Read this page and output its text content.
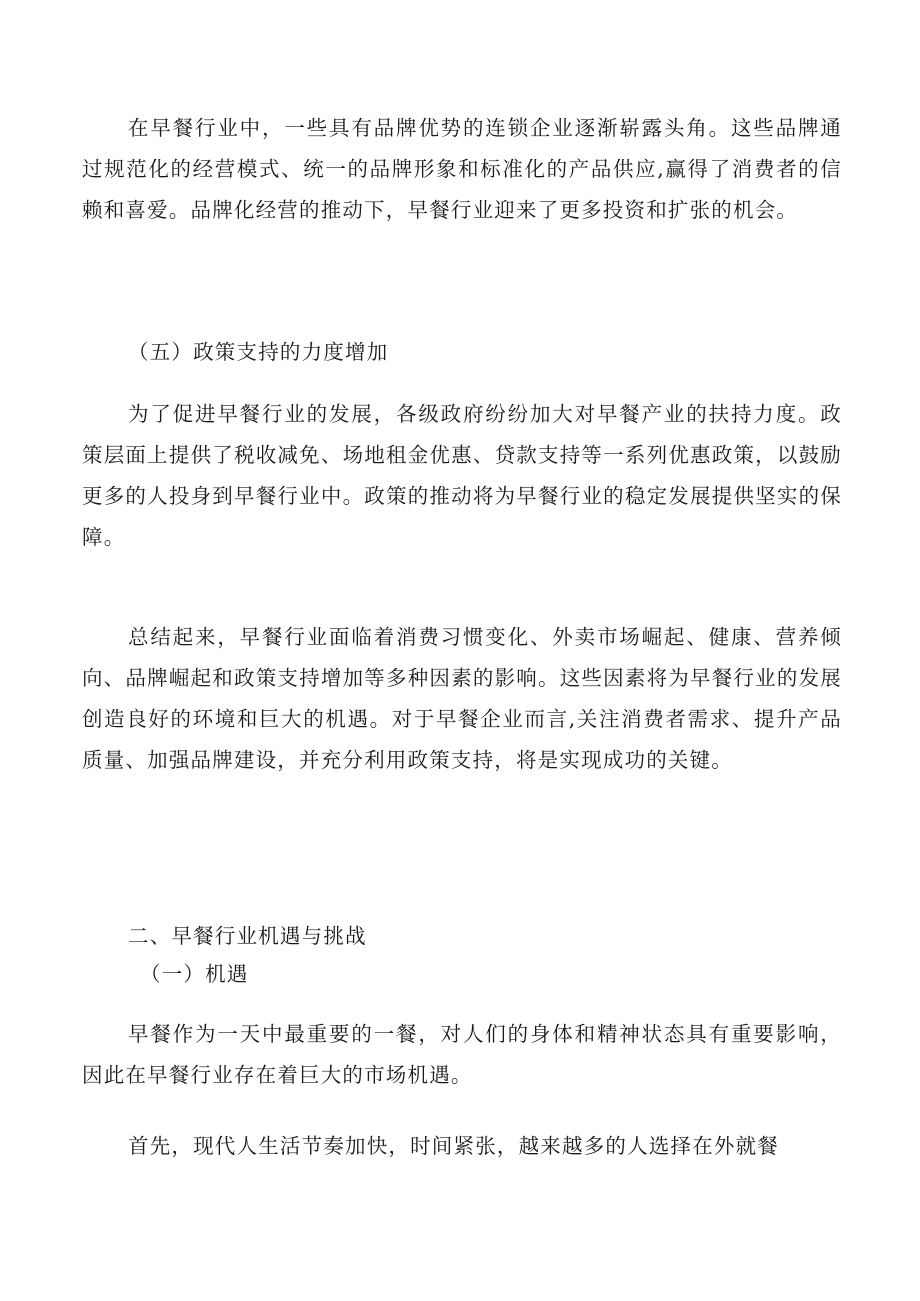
在早餐行业中，一些具有品牌优势的连锁企业逐渐崭露头角。这些品牌通过规范化的经营模式、统一的品牌形象和标准化的产品供应,赢得了消费者的信赖和喜爱。品牌化经营的推动下，早餐行业迎来了更多投资和扩张的机会。

（五）政策支持的力度增加

为了促进早餐行业的发展，各级政府纷纷加大对早餐产业的扶持力度。政策层面上提供了税收减免、场地租金优惠、贷款支持等一系列优惠政策，以鼓励更多的人投身到早餐行业中。政策的推动将为早餐行业的稳定发展提供坚实的保障。

总结起来，早餐行业面临着消费习惯变化、外卖市场崛起、健康、营养倾向、品牌崛起和政策支持增加等多种因素的影响。这些因素将为早餐行业的发展创造良好的环境和巨大的机遇。对于早餐企业而言,关注消费者需求、提升产品质量、加强品牌建设，并充分利用政策支持，将是实现成功的关键。

二、早餐行业机遇与挑战

（一）机遇

早餐作为一天中最重要的一餐，对人们的身体和精神状态具有重要影响，因此在早餐行业存在着巨大的市场机遇。

首先，现代人生活节奏加快，时间紧张，越来越多的人选择在外就餐
